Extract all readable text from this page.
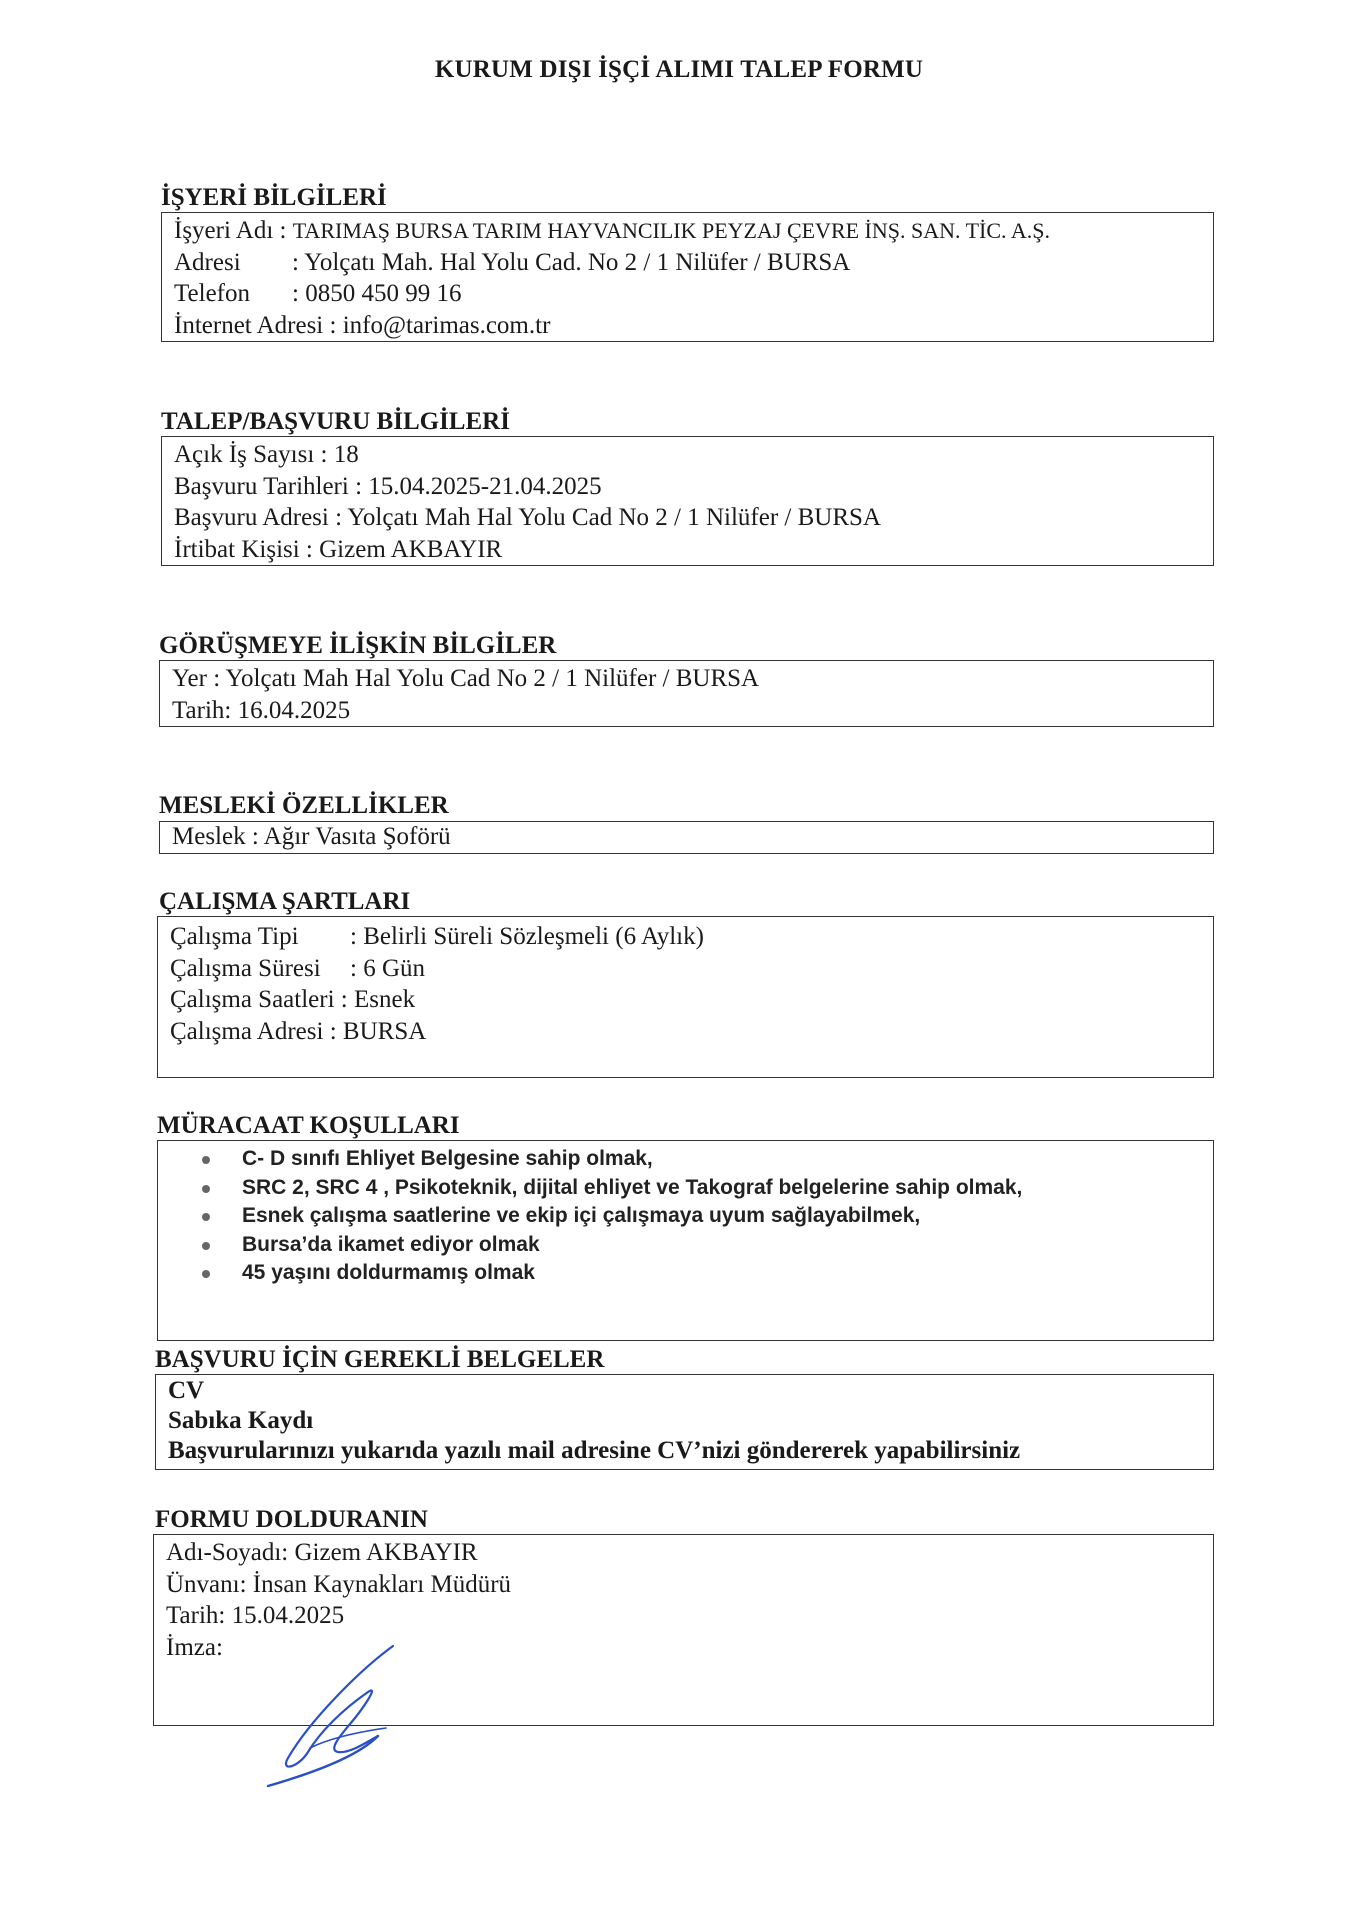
KURUM DIŞI İŞÇİ ALIMI TALEP FORMU
İŞYERİ BİLGİLERİ
İşyeri Adı : TARIMAŞ BURSA TARIM HAYVANCILIK PEYZAJ ÇEVRE İNŞ. SAN. TİC. A.Ş.
Adresi : Yolçatı Mah. Hal Yolu Cad. No 2 / 1 Nilüfer / BURSA
Telefon : 0850 450 99 16
İnternet Adresi : info@tarimas.com.tr
TALEP/BAŞVURU BİLGİLERİ
Açık İş Sayısı : 18
Başvuru Tarihleri : 15.04.2025-21.04.2025
Başvuru Adresi : Yolçatı Mah Hal Yolu Cad No 2 / 1 Nilüfer / BURSA
İrtibat Kişisi : Gizem AKBAYIR
GÖRÜŞMEYE İLİŞKİN BİLGİLER
Yer : Yolçatı Mah Hal Yolu Cad No 2 / 1 Nilüfer / BURSA
Tarih: 16.04.2025
MESLEKİ ÖZELLİKLER
Meslek : Ağır Vasıta Şoförü
ÇALIŞMA ŞARTLARI
Çalışma Tipi : Belirli Süreli Sözleşmeli (6 Aylık)
Çalışma Süresi : 6 Gün
Çalışma Saatleri : Esnek
Çalışma Adresi : BURSA
MÜRACAAT KOŞULLARI
C- D sınıfı Ehliyet Belgesine sahip olmak,
SRC 2, SRC 4 , Psikoteknik, dijital ehliyet ve Takograf belgelerine sahip olmak,
Esnek çalışma saatlerine ve ekip içi çalışmaya uyum sağlayabilmek,
Bursa’da ikamet ediyor olmak
45 yaşını doldurmamış olmak
BAŞVURU İÇİN GEREKLİ BELGELER
CV
Sabıka Kaydı
Başvurularınızı yukarıda yazılı mail adresine CV’nizi göndererek yapabilirsiniz
FORMU DOLDURANIN
Adı-Soyadı: Gizem AKBAYIR
Ünvanı: İnsan Kaynakları Müdürü
Tarih: 15.04.2025
İmza:
